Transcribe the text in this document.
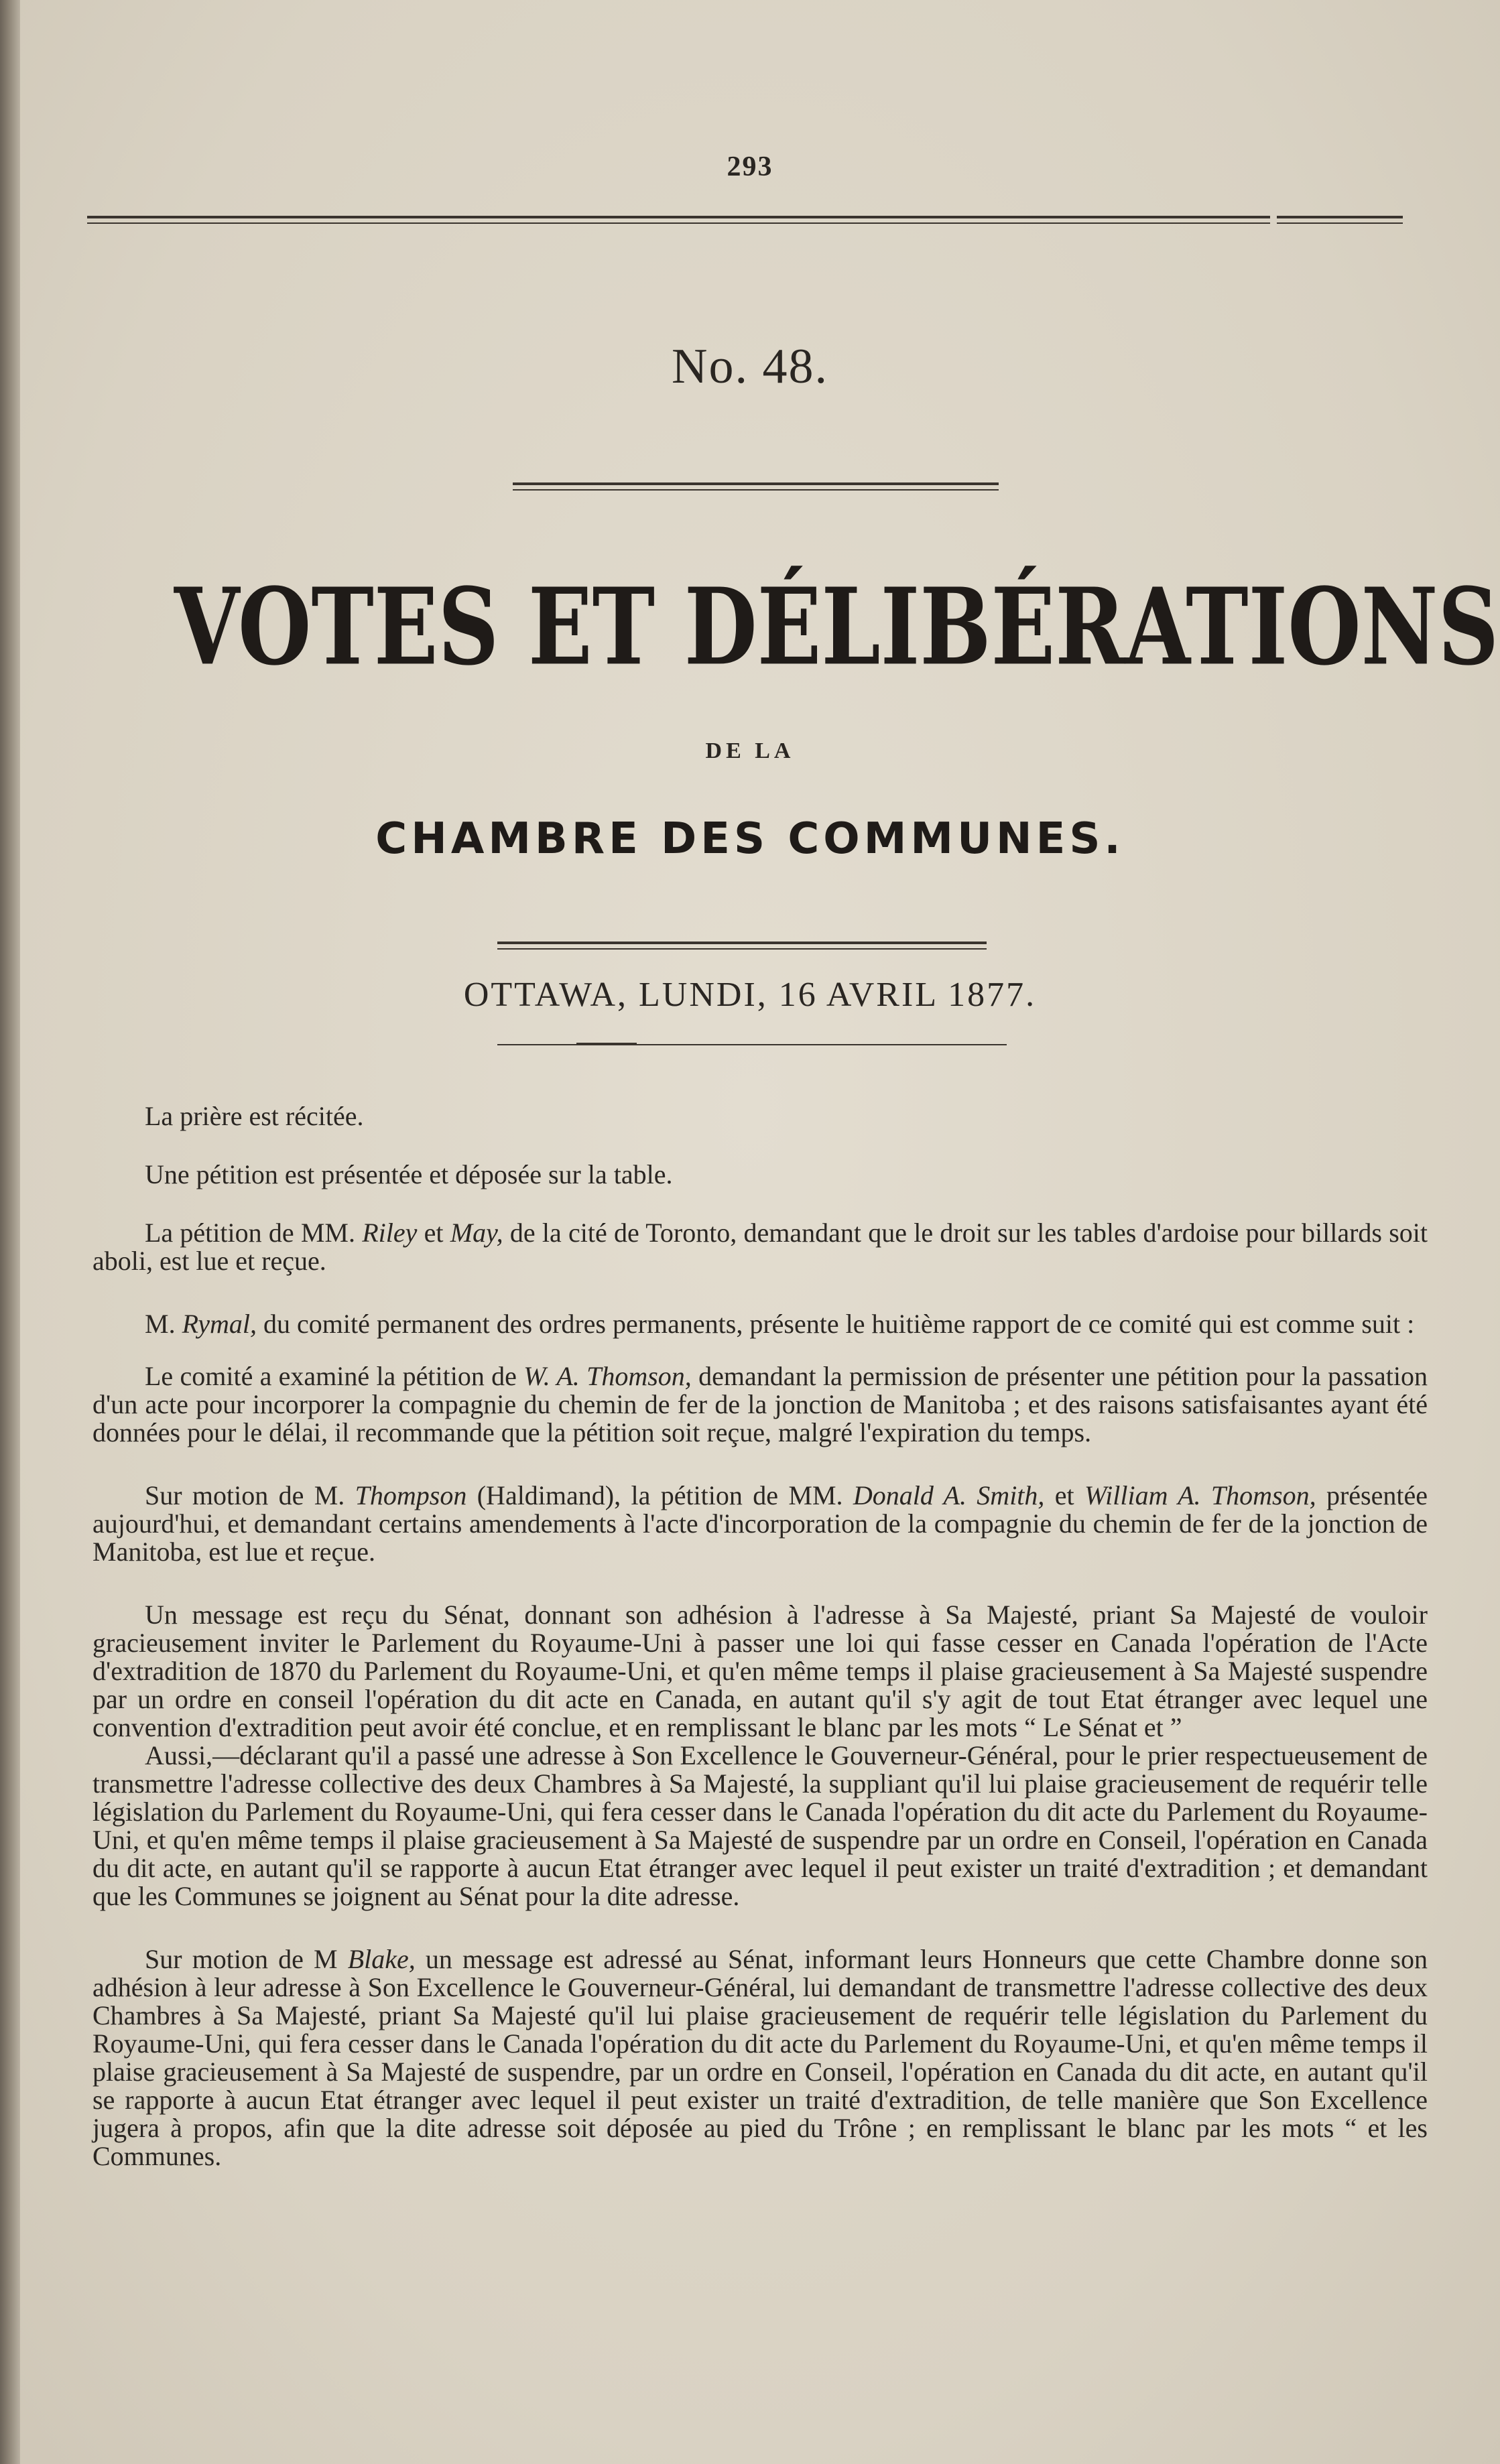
293
No. 48.
VOTES ET DÉLIBÉRATIONS
DE LA
CHAMBRE DES COMMUNES.
OTTAWA, LUNDI, 16 AVRIL 1877.

La prière est récitée.

Une pétition est présentée et déposée sur la table.

La pétition de MM. Riley et May, de la cité de Toronto, demandant que le droit sur les tables d'ardoise pour billards soit aboli, est lue et reçue.

M. Rymal, du comité permanent des ordres permanents, présente le huitième rapport de ce comité qui est comme suit :

Le comité a examiné la pétition de W. A. Thomson, demandant la permission de présenter une pétition pour la passation d'un acte pour incorporer la compagnie du chemin de fer de la jonction de Manitoba ; et des raisons satisfaisantes ayant été données pour le délai, il recommande que la pétition soit reçue, malgré l'expiration du temps.

Sur motion de M. Thompson (Haldimand), la pétition de MM. Donald A. Smith, et William A. Thomson, présentée aujourd'hui, et demandant certains amendements à l'acte d'incorporation de la compagnie du chemin de fer de la jonction de Manitoba, est lue et reçue.

Un message est reçu du Sénat, donnant son adhésion à l'adresse à Sa Majesté, priant Sa Majesté de vouloir gracieusement inviter le Parlement du Royaume-Uni à passer une loi qui fasse cesser en Canada l'opération de l'Acte d'extradition de 1870 du Parlement du Royaume-Uni, et qu'en même temps il plaise gracieusement à Sa Majesté suspendre par un ordre en conseil l'opération du dit acte en Canada, en autant qu'il s'y agit de tout Etat étranger avec lequel une convention d'extradition peut avoir été conclue, et en remplissant le blanc par les mots “ Le Sénat et ”

Aussi,—déclarant qu'il a passé une adresse à Son Excellence le Gouverneur-Général, pour le prier respectueusement de transmettre l'adresse collective des deux Chambres à Sa Majesté, la suppliant qu'il lui plaise gracieusement de requérir telle législation du Parlement du Royaume-Uni, qui fera cesser dans le Canada l'opération du dit acte du Parlement du Royaume-Uni, et qu'en même temps il plaise gracieusement à Sa Majesté de suspendre par un ordre en Conseil, l'opération en Canada du dit acte, en autant qu'il se rapporte à aucun Etat étranger avec lequel il peut exister un traité d'extradition ; et demandant que les Communes se joignent au Sénat pour la dite adresse.

Sur motion de M Blake, un message est adressé au Sénat, informant leurs Honneurs que cette Chambre donne son adhésion à leur adresse à Son Excellence le Gouverneur-Général, lui demandant de transmettre l'adresse collective des deux Chambres à Sa Majesté, priant Sa Majesté qu'il lui plaise gracieusement de requérir telle législation du Parlement du Royaume-Uni, qui fera cesser dans le Canada l'opération du dit acte du Parlement du Royaume-Uni, et qu'en même temps il plaise gracieusement à Sa Majesté de suspendre, par un ordre en Conseil, l'opération en Canada du dit acte, en autant qu'il se rapporte à aucun Etat étranger avec lequel il peut exister un traité d'extradition, de telle manière que Son Excellence jugera à propos, afin que la dite adresse soit déposée au pied du Trône ; en remplissant le blanc par les mots “ et les Communes.
